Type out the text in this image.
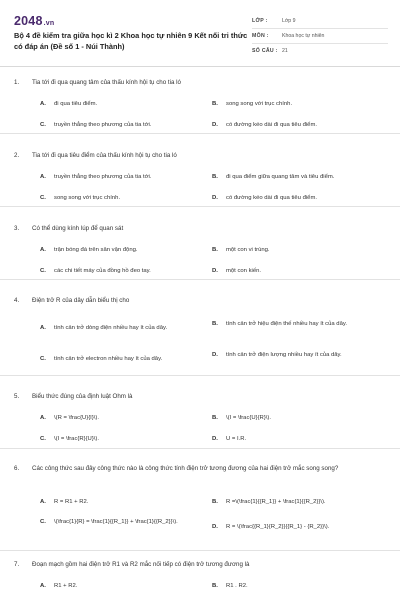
2048.vn
Bộ 4 đề kiểm tra giữa học kì 2 Khoa học tự nhiên 9 Kết nối tri thức có đáp án (Đề số 1 - Núi Thành)
LỚP :	Lớp 9
MÔN :	Khoa học tự nhiên
SỐ CÂU : 21
1. Tia tới đi qua quang tâm của thấu kính hội tụ cho tia ló
A.	đi qua tiêu điểm.	B.	song song với trục chính.
C.	truyền thẳng theo phương của tia tới.	D.	có đường kéo dài đi qua tiêu điểm.
2. Tia tới đi qua tiêu điểm của thấu kính hội tụ cho tia ló
A.	truyền thẳng theo phương của tia tới.	B.	đi qua điểm giữa quang tâm và tiêu điểm.
C.	song song với trục chính.	D.	có đường kéo dài đi qua tiêu điểm.
3. Có thể dùng kính lúp để quan sát
A.	trận bóng đá trên sân vận động.	B.	một con vi trùng.
C.	các chi tiết máy của đồng hồ đeo tay.	D.	một con kiến.
4. Điện trở R của dây dẫn biểu thị cho
A.	tính cản trở dòng điện nhiều hay ít của dây.
B.	tính cản trở hiệu điện thế nhiều hay ít của dây.
C.	tính cản trở electron nhiều hay ít của dây.
D.	tính cản trở điện lượng nhiều hay ít của dây.
5. Biểu thức đúng của định luật Ohm là
A.	\(R = \frac{U}{I}\).	B.	\(I = \frac{U}{R}\).
C.	\(I = \frac{R}{U}\).	D.	U = I.R.
6. Các công thức sau đây công thức nào là công thức tính điện trở tương đương của hai điện trở mắc song song?
A.	R = R1 + R2.	B.	R =\(\frac{1}{{R_1}} + \frac{1}{{R_2}}\).
C.	\(\frac{1}{R} = \frac{1}{{R_1}} + \frac{1}{{R_2}}\).
D.	R = \(\frac{{R_1}{R_2}}{{R_1} - {R_2}}\).
7. Đoạn mạch gồm hai điện trở R1 và R2 mắc nối tiếp có điện trở tương đương là
A.	R1 + R2.	B.	R1 . R2.
